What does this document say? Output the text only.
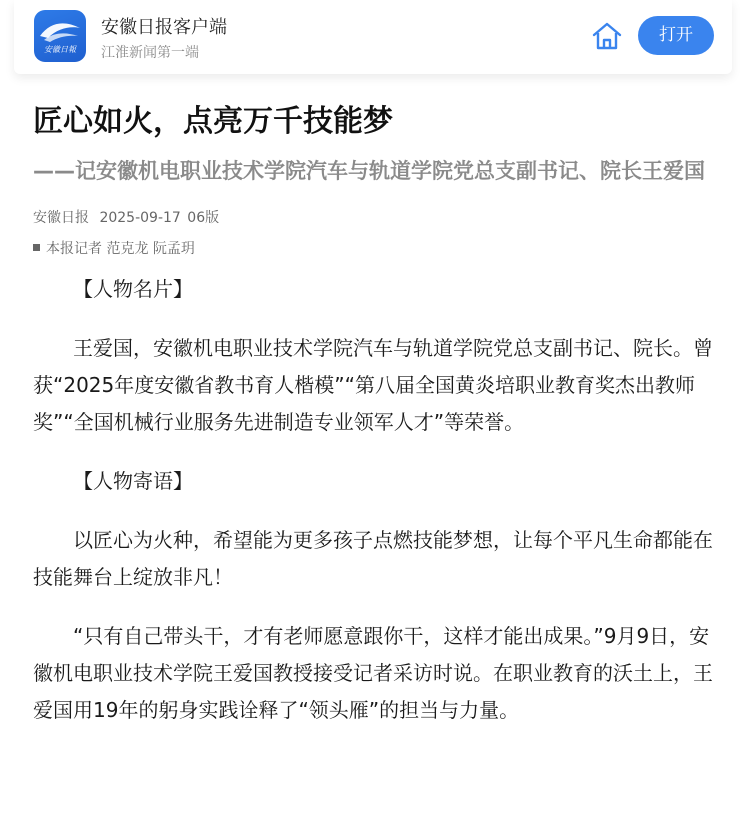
安徽日報
安徽日报客户端
江淮新闻第一端
打开
匠心如火，点亮万千技能梦
——记安徽机电职业技术学院汽车与轨道学院党总支副书记、院长王爱国
安徽日报 2025-09-17 06版
本报记者 范克龙 阮孟玥

【人物名片】

王爱国，安徽机电职业技术学院汽车与轨道学院党总支副书记、院长。曾获“2025年度安徽省教书育人楷模”“第八届全国黄炎培职业教育奖杰出教师奖”“全国机械行业服务先进制造专业领军人才”等荣誉。

【人物寄语】

以匠心为火种，希望能为更多孩子点燃技能梦想，让每个平凡生命都能在技能舞台上绽放非凡！

“只有自己带头干，才有老师愿意跟你干，这样才能出成果。”9月9日，安徽机电职业技术学院王爱国教授接受记者采访时说。在职业教育的沃土上，王爱国用19年的躬身实践诠释了“领头雁”的担当与力量。
